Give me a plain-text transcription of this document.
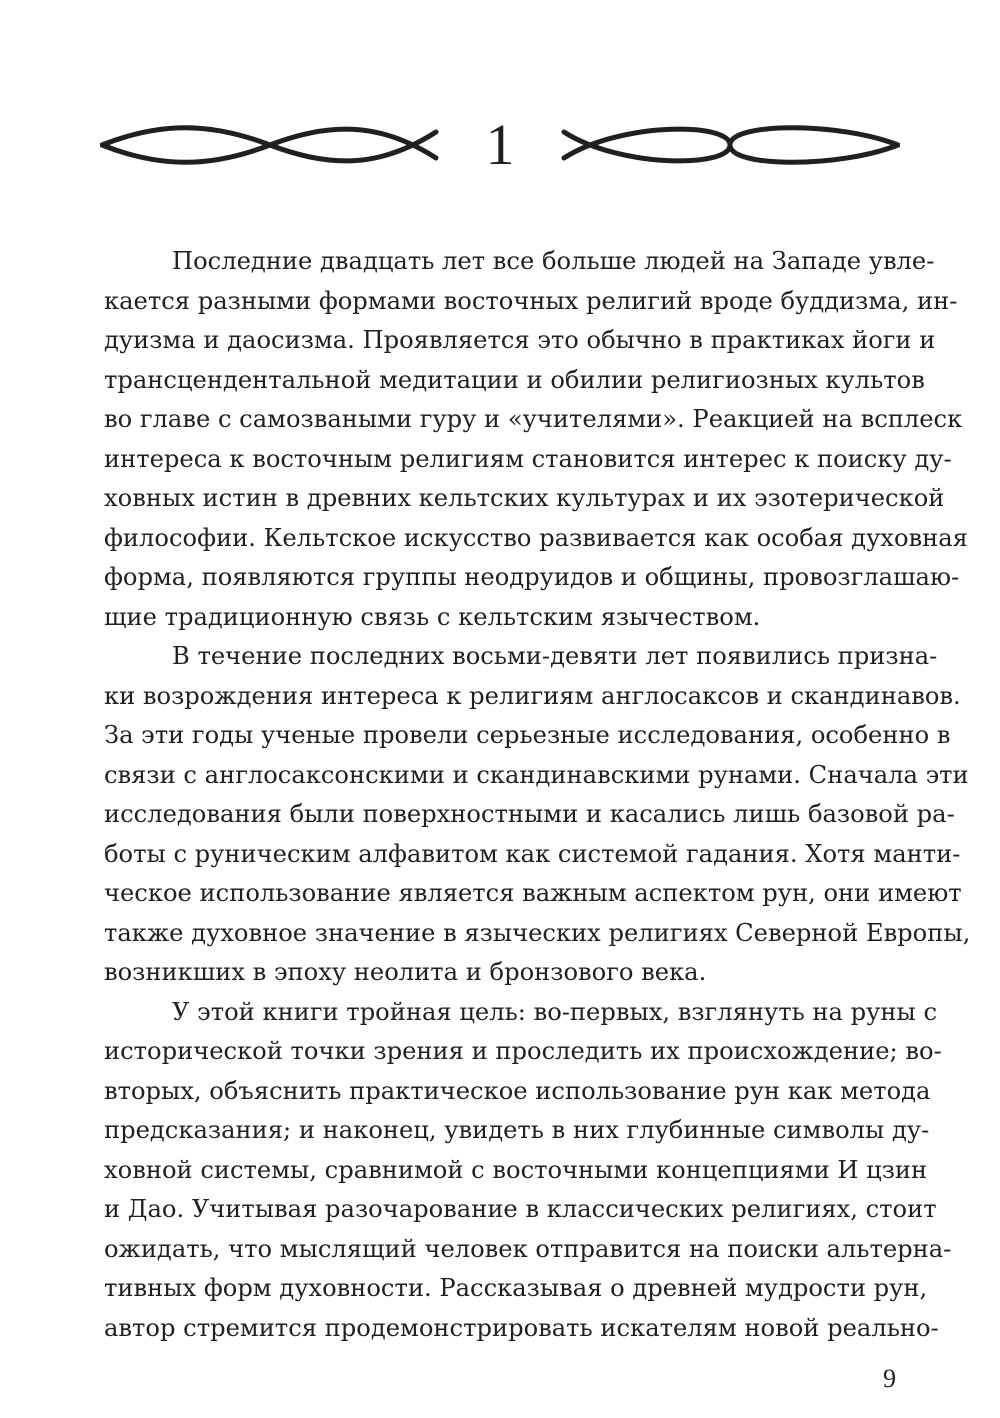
1
Последние двадцать лет все больше людей на Западе увле-
кается разными формами восточных религий вроде буддизма, ин-
дуизма и даосизма. Проявляется это обычно в практиках йоги и
трансцендентальной медитации и обилии религиозных культов
во главе с самозваными гуру и «учителями». Реакцией на всплеск
интереса к восточным религиям становится интерес к поиску ду-
ховных истин в древних кельтских культурах и их эзотерической
философии. Кельтское искусство развивается как особая духовная
форма, появляются группы неодруидов и общины, провозглашаю-
щие традиционную связь с кельтским язычеством.
В течение последних восьми-девяти лет появились призна-
ки возрождения интереса к религиям англосаксов и скандинавов.
За эти годы ученые провели серьезные исследования, особенно в
связи с англосаксонскими и скандинавскими рунами. Сначала эти
исследования были поверхностными и касались лишь базовой ра-
боты с руническим алфавитом как системой гадания. Хотя манти-
ческое использование является важным аспектом рун, они имеют
также духовное значение в языческих религиях Северной Европы,
возникших в эпоху неолита и бронзового века.
У этой книги тройная цель: во-первых, взглянуть на руны с
исторической точки зрения и проследить их происхождение; во-
вторых, объяснить практическое использование рун как метода
предсказания; и наконец, увидеть в них глубинные символы ду-
ховной системы, сравнимой с восточными концепциями И цзин
и Дао. Учитывая разочарование в классических религиях, стоит
ожидать, что мыслящий человек отправится на поиски альтерна-
тивных форм духовности. Рассказывая о древней мудрости рун,
автор стремится продемонстрировать искателям новой реально-
9
